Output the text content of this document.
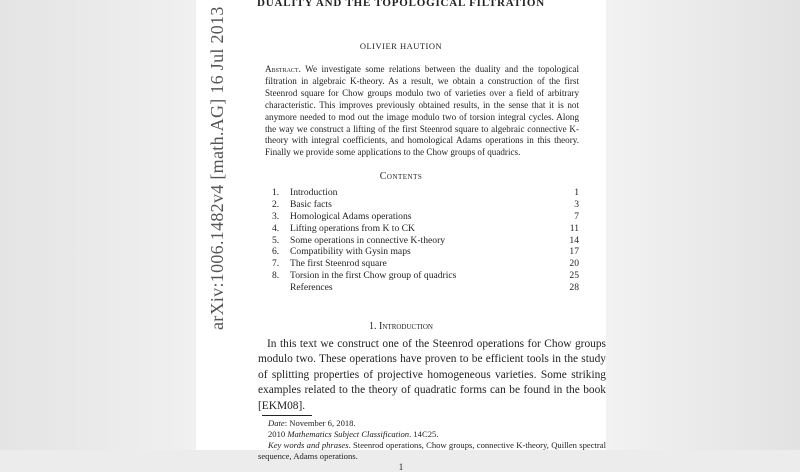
arXiv:1006.1482v4 [math.AG] 16 Jul 2013
DUALITY AND THE TOPOLOGICAL FILTRATION
OLIVIER HAUTION
Abstract. We investigate some relations between the duality and the topological filtration in algebraic K-theory. As a result, we obtain a construction of the first Steenrod square for Chow groups modulo two of varieties over a field of arbitrary characteristic. This improves previously obtained results, in the sense that it is not anymore needed to mod out the image modulo two of torsion integral cycles. Along the way we construct a lifting of the first Steenrod square to algebraic connective K-theory with integral coefficients, and homological Adams operations in this theory. Finally we provide some applications to the Chow groups of quadrics.
Contents
1.	Introduction	1
2.	Basic facts	3
3.	Homological Adams operations	7
4.	Lifting operations from K to CK	11
5.	Some operations in connective K-theory	14
6.	Compatibility with Gysin maps	17
7.	The first Steenrod square	20
8.	Torsion in the first Chow group of quadrics	25
References	28
1. Introduction
In this text we construct one of the Steenrod operations for Chow groups modulo two. These operations have proven to be efficient tools in the study of splitting properties of projective homogeneous varieties. Some striking examples related to the theory of quadratic forms can be found in the book [EKM08].
Date: November 6, 2018.
2010 Mathematics Subject Classification. 14C25.
Key words and phrases. Steenrod operations, Chow groups, connective K-theory, Quillen spectral sequence, Adams operations.
1
